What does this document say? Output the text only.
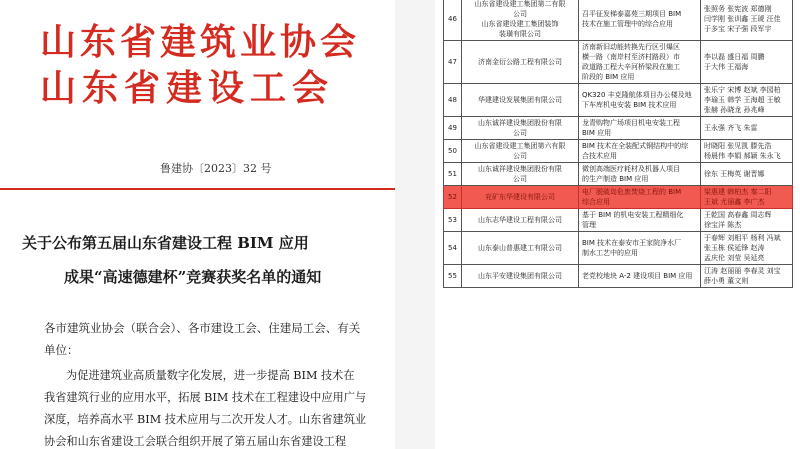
山东省建筑业协会
山东省建设工会
鲁建协〔2023〕32 号
关于公布第五届山东省建设工程 BIM 应用
成果“高速德建杯”竞赛获奖名单的通知
各市建筑业协会（联合会）、各市建设工会、住建局工会、有关
单位：
为促进建筑业高质量数字化发展，进一步提高 BIM 技术在
我省建筑行业的应用水平，拓展 BIM 技术在工程建设中应用广与
深度，培养高水平 BIM 技术应用与二次开发人才。山东省建筑业
协会和山东省建设工会联合组织开展了第五届山东省建设工程

46	山东省建设建工集团第二有限
公司
山东省建设建工集团装饰
装璜有限公司	召平征发梯泰嘉苑三期项目 BIM
技术在施工管理中的综合应用	张照务 张宪波 郑德刚
闫学刚 张训鑫 王琥 汪佳
于多宝 宋子强 段军宇

47	济南金衍公路工程有限公司	济南新旧动能转换先行区引爆区
横一路（南岸村至济村路段）市
政道路工程大辛河桥梁段在施工
阶段的 BIM 应用	李以磊 盛日福 周鹏
于大伟 王福海

48	华建建设发展集团有限公司	QK320 丰克隆航体项目办公楼及地
下车库机电安装 BIM 技术应用	张乐宁 宋博 赵斌 李园柏
李瑜玉 韩学 王海超 王敏
张赫 孙晓龙 孙兆峰

49	山东诚祥建设集团股份有限
公司	龙青购物广场项目机电安装工程
BIM 应用	王永强 齐飞 朱雷

50	山东省建设建工集团第六有限
公司	BIM 技术在全装配式钢结构中的综
合技术应用	时晓阳 张见凯 滕先浩
杨晨伟 李娟 郝颖 朱永飞

51	山东诚祥建设集团股份有限
公司	微创高端医疗耗材及机器人项目
的生产制造 BIM 应用	徐东 王梅英 谢晋娜

52	兖矿东华建设有限公司	电厂脱硫岛危废焚烧工程的 BIM
综合应用	梁惠建 韩柏杰 秦二阳
王斌 尤丽鑫 李广杰

53	山东志华建设工程有限公司	基于 BIM 的机电安装工程精细化
管理	王乾国 高春鑫 周志辉
徐宝洋 陈杰

54	山东泰山普惠建工有限公司	BIM 技术在泰安市王家院净水厂
制水工艺中的应用	于春辉 刘相平 杨利 冯斌
张玉栋 侯延锋 赵涛
孟庆伦 刘莹 吴延亮

55	山东平安建设集团有限公司	老党校地块 A-2 建设项目 BIM 应用	江涛 赵丽丽 李春灵 刘宝
薛小勇 董文则
